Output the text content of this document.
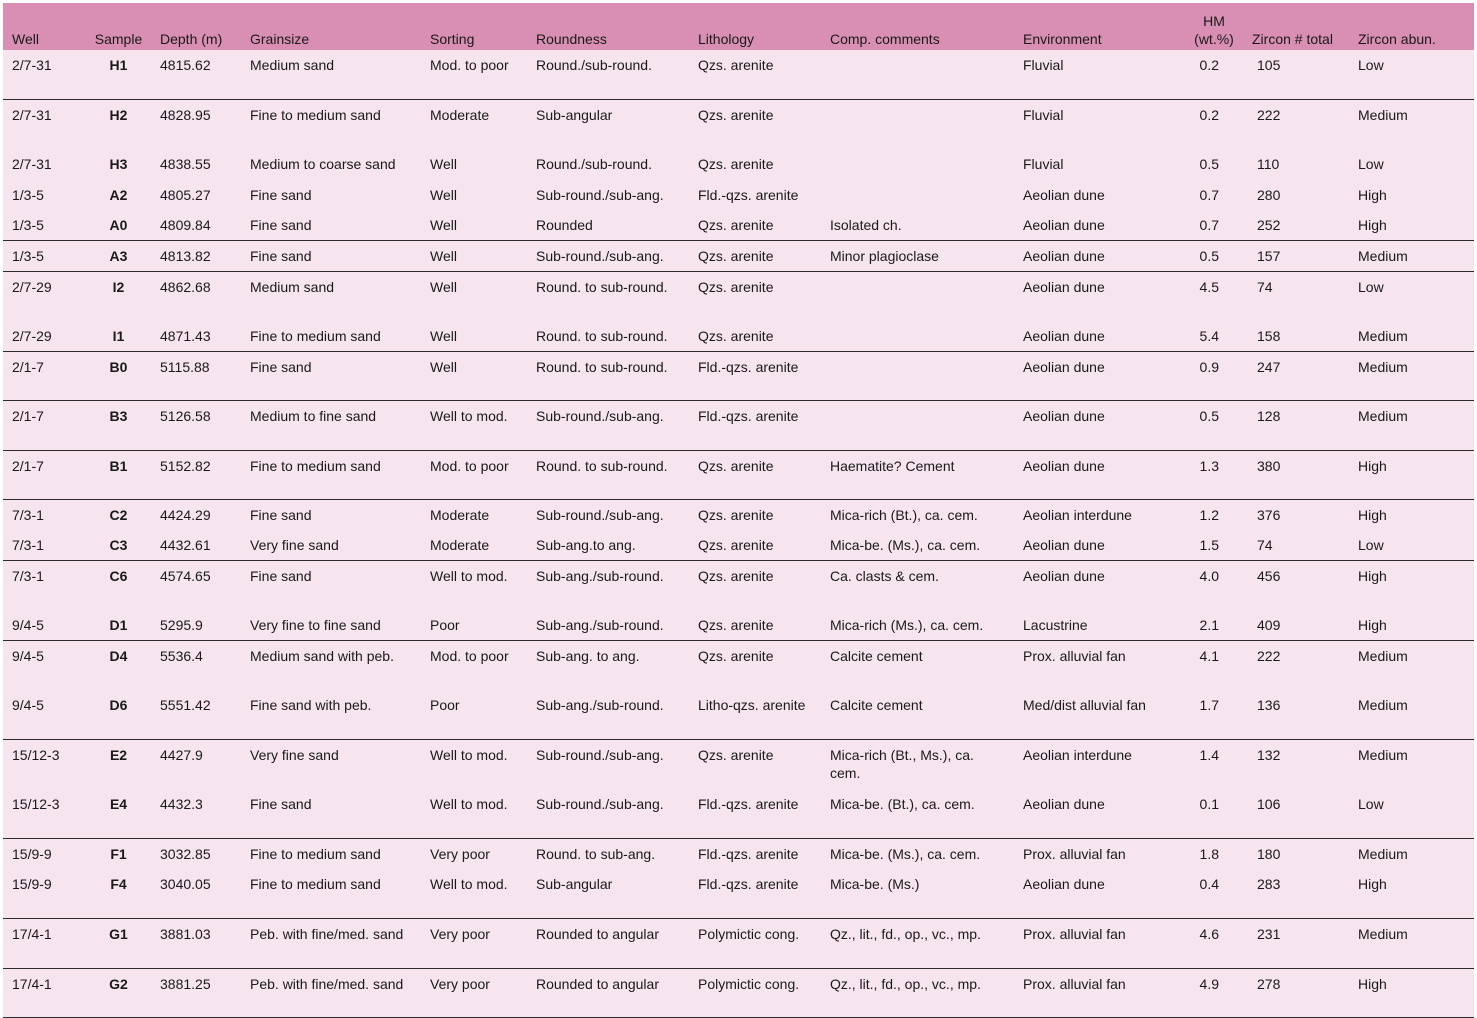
Well	Sample	Depth (m)	Grainsize	Sorting	Roundness	Lithology	Comp. comments	Environment	HM (wt.%)	Zircon # total	Zircon abun.
2/7-31	H1	4815.62	Medium sand	Mod. to poor	Round./sub-round.	Qzs. arenite		Fluvial	0.2	105	Low
2/7-31	H2	4828.95	Fine to medium sand	Moderate	Sub-angular	Qzs. arenite		Fluvial	0.2	222	Medium
2/7-31	H3	4838.55	Medium to coarse sand	Well	Round./sub-round.	Qzs. arenite		Fluvial	0.5	110	Low
1/3-5	A2	4805.27	Fine sand	Well	Sub-round./sub-ang.	Fld.-qzs. arenite		Aeolian dune	0.7	280	High
1/3-5	A0	4809.84	Fine sand	Well	Rounded	Qzs. arenite	Isolated ch.	Aeolian dune	0.7	252	High
1/3-5	A3	4813.82	Fine sand	Well	Sub-round./sub-ang.	Qzs. arenite	Minor plagioclase	Aeolian dune	0.5	157	Medium
2/7-29	I2	4862.68	Medium sand	Well	Round. to sub-round.	Qzs. arenite		Aeolian dune	4.5	74	Low
2/7-29	I1	4871.43	Fine to medium sand	Well	Round. to sub-round.	Qzs. arenite		Aeolian dune	5.4	158	Medium
2/1-7	B0	5115.88	Fine sand	Well	Round. to sub-round.	Fld.-qzs. arenite		Aeolian dune	0.9	247	Medium
2/1-7	B3	5126.58	Medium to fine sand	Well to mod.	Sub-round./sub-ang.	Fld.-qzs. arenite		Aeolian dune	0.5	128	Medium
2/1-7	B1	5152.82	Fine to medium sand	Mod. to poor	Round. to sub-round.	Qzs. arenite	Haematite? Cement	Aeolian dune	1.3	380	High
7/3-1	C2	4424.29	Fine sand	Moderate	Sub-round./sub-ang.	Qzs. arenite	Mica-rich (Bt.), ca. cem.	Aeolian interdune	1.2	376	High
7/3-1	C3	4432.61	Very fine sand	Moderate	Sub-ang.to ang.	Qzs. arenite	Mica-be. (Ms.), ca. cem.	Aeolian dune	1.5	74	Low
7/3-1	C6	4574.65	Fine sand	Well to mod.	Sub-ang./sub-round.	Qzs. arenite	Ca. clasts & cem.	Aeolian dune	4.0	456	High
9/4-5	D1	5295.9	Very fine to fine sand	Poor	Sub-ang./sub-round.	Qzs. arenite	Mica-rich (Ms.), ca. cem.	Lacustrine	2.1	409	High
9/4-5	D4	5536.4	Medium sand with peb.	Mod. to poor	Sub-ang. to ang.	Qzs. arenite	Calcite cement	Prox. alluvial fan	4.1	222	Medium
9/4-5	D6	5551.42	Fine sand with peb.	Poor	Sub-ang./sub-round.	Litho-qzs. arenite	Calcite cement	Med/dist alluvial fan	1.7	136	Medium
15/12-3	E2	4427.9	Very fine sand	Well to mod.	Sub-round./sub-ang.	Qzs. arenite	Mica-rich (Bt., Ms.), ca. cem.	Aeolian interdune	1.4	132	Medium
15/12-3	E4	4432.3	Fine sand	Well to mod.	Sub-round./sub-ang.	Fld.-qzs. arenite	Mica-be. (Bt.), ca. cem.	Aeolian dune	0.1	106	Low
15/9-9	F1	3032.85	Fine to medium sand	Very poor	Round. to sub-ang.	Fld.-qzs. arenite	Mica-be. (Ms.), ca. cem.	Prox. alluvial fan	1.8	180	Medium
15/9-9	F4	3040.05	Fine to medium sand	Well to mod.	Sub-angular	Fld.-qzs. arenite	Mica-be. (Ms.)	Aeolian dune	0.4	283	High
17/4-1	G1	3881.03	Peb. with fine/med. sand	Very poor	Rounded to angular	Polymictic cong.	Qz., lit., fd., op., vc., mp.	Prox. alluvial fan	4.6	231	Medium
17/4-1	G2	3881.25	Peb. with fine/med. sand	Very poor	Rounded to angular	Polymictic cong.	Qz., lit., fd., op., vc., mp.	Prox. alluvial fan	4.9	278	High
